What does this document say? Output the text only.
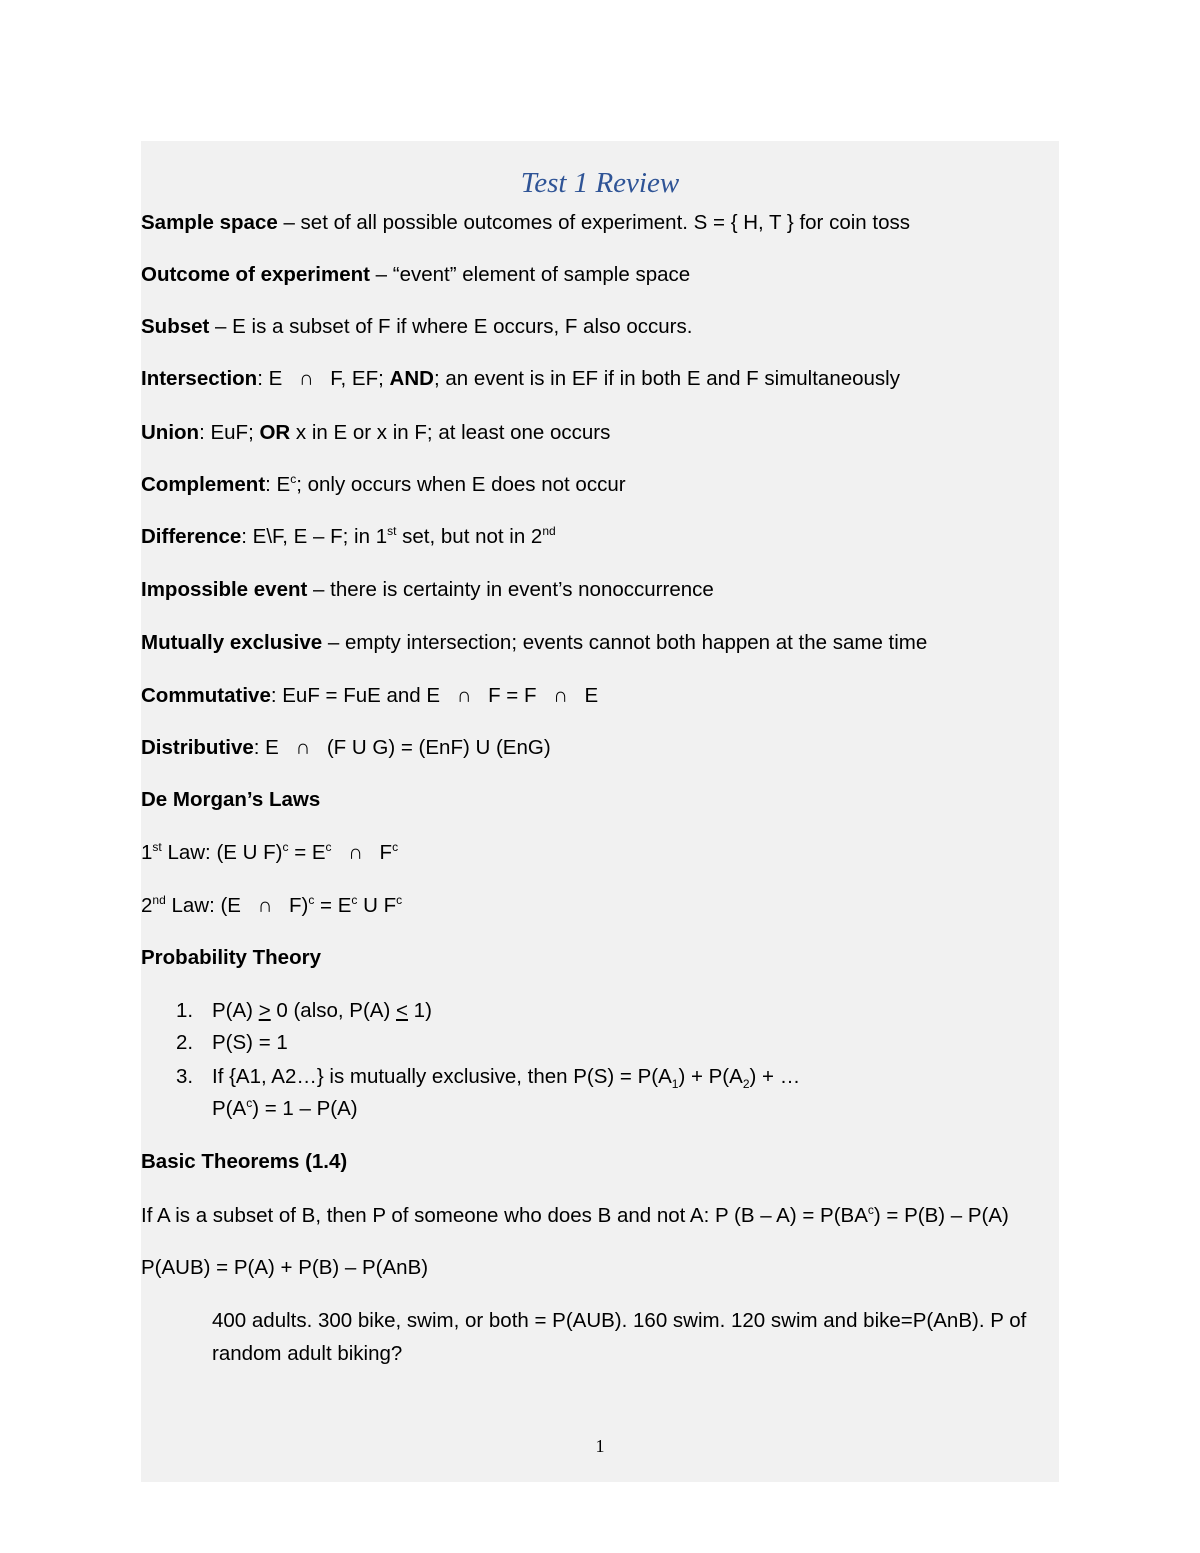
Test 1 Review
Sample space – set of all possible outcomes of experiment. S = { H, T } for coin toss
Outcome of experiment – “event” element of sample space
Subset – E is a subset of F if where E occurs, F also occurs.
Intersection: E ∩ F, EF; AND; an event is in EF if in both E and F simultaneously
Union: EuF; OR x in E or x in F; at least one occurs
Complement: $E^c$; only occurs when E does not occur
Difference: E\F, E – F; in 1st set, but not in 2nd
Impossible event – there is certainty in event’s nonoccurrence
Mutually exclusive – empty intersection; events cannot both happen at the same time
Commutative: EuF = FuE and E ∩ F = F ∩ E
Distributive: E ∩ (F U G) = (EnF) U (EnG)
De Morgan’s Laws
1st Law: (E U $F)^c = E^c$ ∩ $F^c$
2nd Law: (E ∩ $F)^c = E^c$ U $F^c$
Probability Theory
1. P(A) > 0 (also, P(A) < 1)
2. P(S) = 1
3. If {A1, A2…} is mutually exclusive, then $P(S) = P(A_1) + P(A_2)$ + …
$P(A^c) = 1 - P(A)$
Basic Theorems (1.4)
If A is a subset of B, then P of someone who does B and not A: P $(B - A) = P(BA^c) = P(B) - P(A)$
P(AUB) = P(A) + P(B) – P(AnB)
400 adults. 300 bike, swim, or both = P(AUB). 160 swim. 120 swim and bike=P(AnB). P of random adult biking?
1
